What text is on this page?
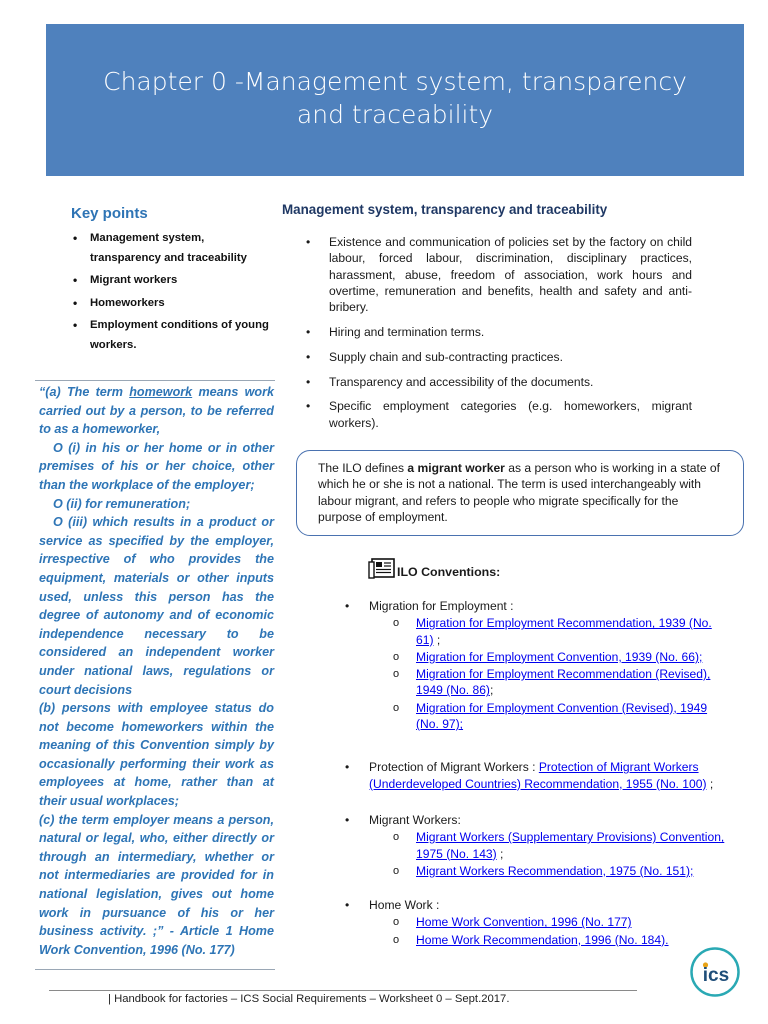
Chapter 0 -Management system, transparency
and traceability
Key points
• Management system, transparency and traceability
• Migrant workers
• Homeworkers
• Employment conditions of young workers.

“(a) The term homework means work carried out by a person, to be referred to as a homeworker,

O (i) in his or her home or in other premises of his or her choice, other than the workplace of the employer;

O (ii) for remuneration;

O (iii) which results in a product or service as specified by the employer, irrespective of who provides the equipment, materials or other inputs used, unless this person has the degree of autonomy and of economic independence necessary to be considered an independent worker under national laws, regulations or court decisions

(b) persons with employee status do not become homeworkers within the meaning of this Convention simply by occasionally performing their work as employees at home, rather than at their usual workplaces;

(c) the term employer means a person, natural or legal, who, either directly or through an intermediary, whether or not intermediaries are provided for in national legislation, gives out home work in pursuance of his or her business activity. ;” - Article 1 Home Work Convention, 1996 (No. 177)

Management system, transparency and traceability
• Existence and communication of policies set by the factory on child labour, forced labour, discrimination, disciplinary practices, harassment, abuse, freedom of association, work hours and overtime, remuneration and benefits, health and safety and anti-bribery.
• Hiring and termination terms.
• Supply chain and sub-contracting practices.
• Transparency and accessibility of the documents.
• Specific employment categories (e.g. homeworkers, migrant workers).
The ILO defines a migrant worker as a person who is working in a state of which he or she is not a national. The term is used interchangeably with labour migrant, and refers to people who migrate specifically for the purpose of employment.
ILO Conventions:
• Migration for Employment :
o Migration for Employment Recommendation, 1939 (No. 61) ;
o Migration for Employment Convention, 1939 (No. 66);
o Migration for Employment Recommendation (Revised), 1949 (No. 86);
o Migration for Employment Convention (Revised), 1949 (No. 97);
• Protection of Migrant Workers : Protection of Migrant Workers (Underdeveloped Countries) Recommendation, 1955 (No. 100) ;
• Migrant Workers:
o Migrant Workers (Supplementary Provisions) Convention, 1975 (No. 143) ;
o Migrant Workers Recommendation, 1975 (No. 151);
• Home Work :
o Home Work Convention, 1996 (No. 177)
o Home Work Recommendation, 1996 (No. 184).
ics
| Handbook for factories – ICS Social Requirements – Worksheet 0 – Sept.2017.
